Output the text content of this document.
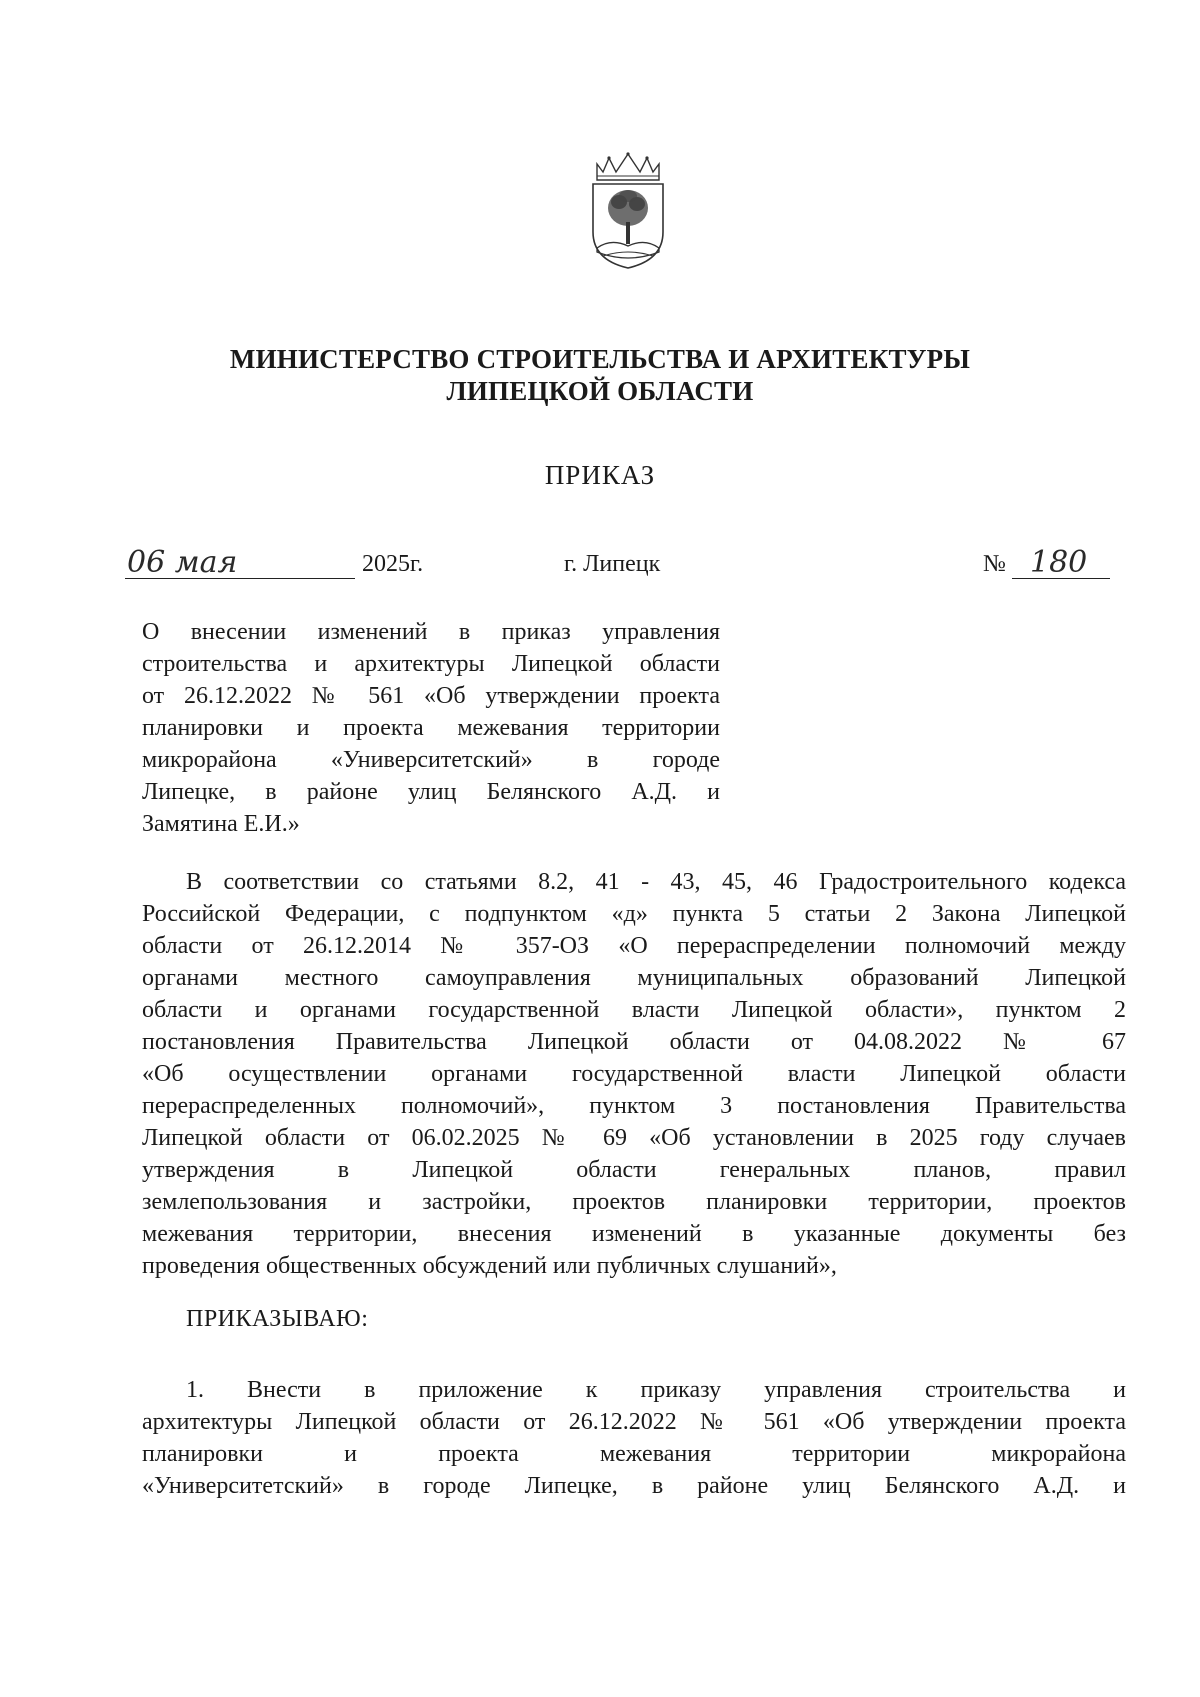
МИНИСТЕРСТВО СТРОИТЕЛЬСТВА И АРХИТЕКТУРЫ
ЛИПЕЦКОЙ ОБЛАСТИ
ПРИКАЗ
06 мая	2025г.	г. Липецк	№ 180
О внесении изменений в приказ управления
строительства и архитектуры Липецкой области
от 26.12.2022 № 561 «Об утверждении проекта
планировки и проекта межевания территории
микрорайона «Университетский» в городе
Липецке, в районе улиц Белянского А.Д. и
Замятина Е.И.»
В соответствии со статьями 8.2, 41 - 43, 45, 46 Градостроительного кодекса
Российской Федерации, с подпунктом «д» пункта 5 статьи 2 Закона Липецкой
области от 26.12.2014 № 357-ОЗ «О перераспределении полномочий между
органами местного самоуправления муниципальных образований Липецкой
области и органами государственной власти Липецкой области», пунктом 2
постановления Правительства Липецкой области от 04.08.2022 № 67
«Об осуществлении органами государственной власти Липецкой области
перераспределенных полномочий», пунктом 3 постановления Правительства
Липецкой области от 06.02.2025 № 69 «Об установлении в 2025 году случаев
утверждения в Липецкой области генеральных планов, правил
землепользования и застройки, проектов планировки территории, проектов
межевания территории, внесения изменений в указанные документы без
проведения общественных обсуждений или публичных слушаний»,
ПРИКАЗЫВАЮ:
1. Внести в приложение к приказу управления строительства и
архитектуры Липецкой области от 26.12.2022 № 561 «Об утверждении проекта
планировки и проекта межевания территории микрорайона
«Университетский» в городе Липецке, в районе улиц Белянского А.Д. и
